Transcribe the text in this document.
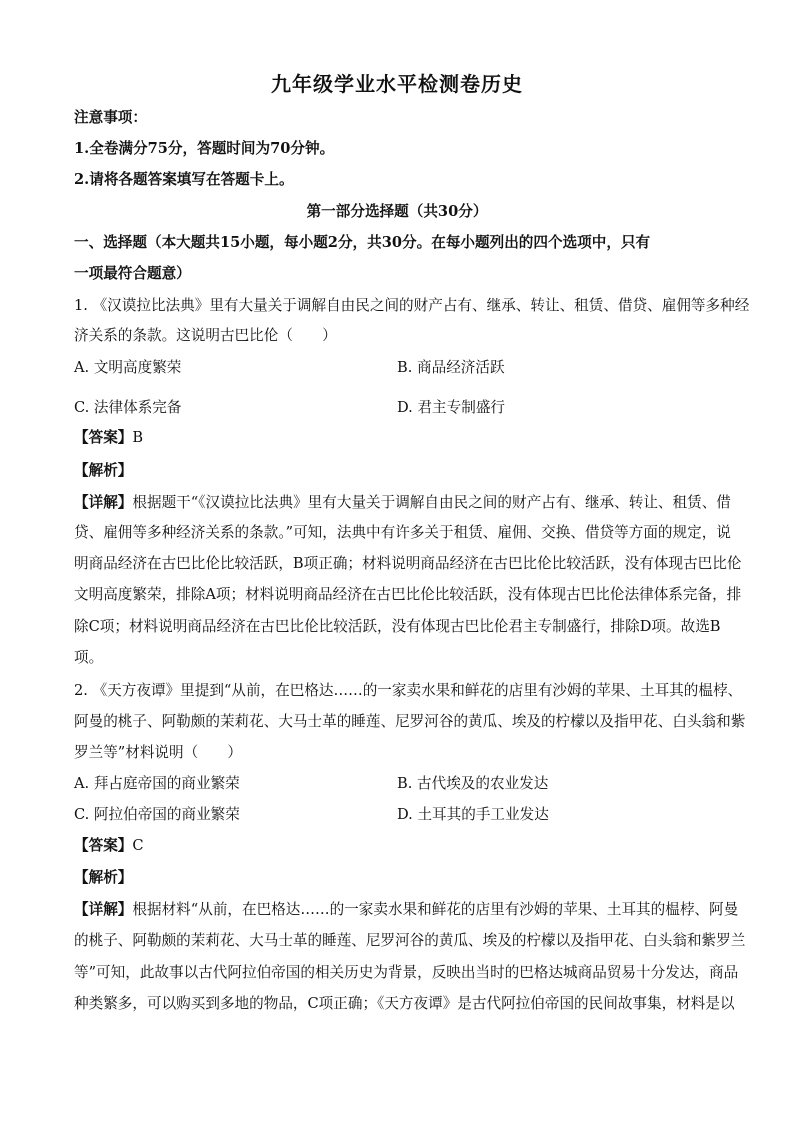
九年级学业水平检测卷历史
注意事项：
1.全卷满分75分，答题时间为70分钟。
2.请将各题答案填写在答题卡上。
第一部分选择题（共30分）
一、选择题（本大题共15小题，每小题2分，共30分。在每小题列出的四个选项中，只有
一项最符合题意）
1. 《汉谟拉比法典》里有大量关于调解自由民之间的财产占有、继承、转让、租赁、借贷、雇佣等多种经
济关系的条款。这说明古巴比伦（　　）
A. 文明高度繁荣	B. 商品经济活跃
C. 法律体系完备	D. 君主专制盛行
【答案】B
【解析】
【详解】根据题干“《汉谟拉比法典》里有大量关于调解自由民之间的财产占有、继承、转让、租赁、借
贷、雇佣等多种经济关系的条款。”可知，法典中有许多关于租赁、雇佣、交换、借贷等方面的规定，说
明商品经济在古巴比伦比较活跃，B项正确；材料说明商品经济在古巴比伦比较活跃，没有体现古巴比伦
文明高度繁荣，排除A项；材料说明商品经济在古巴比伦比较活跃，没有体现古巴比伦法律体系完备，排
除C项；材料说明商品经济在古巴比伦比较活跃，没有体现古巴比伦君主专制盛行，排除D项。故选B
项。
2. 《天方夜谭》里提到“从前，在巴格达……的一家卖水果和鲜花的店里有沙姆的苹果、土耳其的榅桲、
阿曼的桃子、阿勒颇的茉莉花、大马士革的睡莲、尼罗河谷的黄瓜、埃及的柠檬以及指甲花、白头翁和紫
罗兰等”材料说明（　　）
A. 拜占庭帝国的商业繁荣	B. 古代埃及的农业发达
C. 阿拉伯帝国的商业繁荣	D. 土耳其的手工业发达
【答案】C
【解析】
【详解】根据材料“从前，在巴格达……的一家卖水果和鲜花的店里有沙姆的苹果、土耳其的榅桲、阿曼
的桃子、阿勒颇的茉莉花、大马士革的睡莲、尼罗河谷的黄瓜、埃及的柠檬以及指甲花、白头翁和紫罗兰
等”可知，此故事以古代阿拉伯帝国的相关历史为背景，反映出当时的巴格达城商品贸易十分发达，商品
种类繁多，可以购买到多地的物品，C项正确；《天方夜谭》是古代阿拉伯帝国的民间故事集，材料是以
